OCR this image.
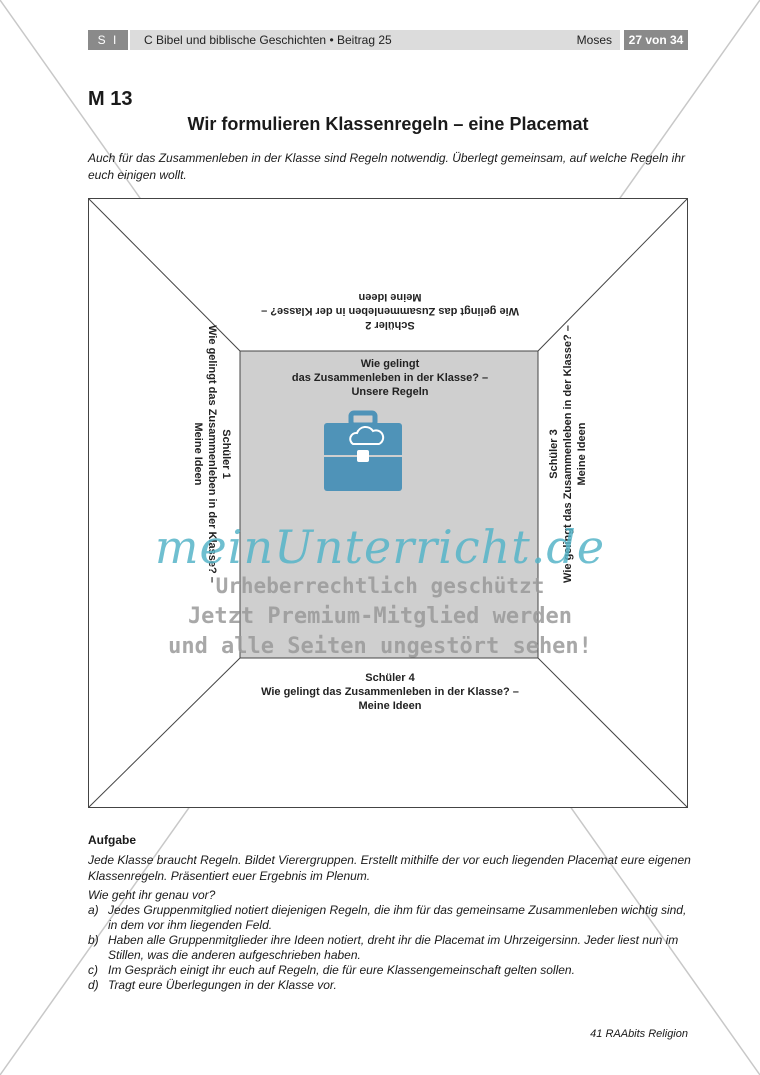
S I	C Bibel und biblische Geschichten • Beitrag 25	Moses	27 von 34
M 13
Wir formulieren Klassenregeln – eine Placemat
Auch für das Zusammenleben in der Klasse sind Regeln notwendig. Überlegt gemeinsam, auf welche Regeln ihr euch einigen wollt.
Wie gelingt
das Zusammenleben in der Klasse? –
Unsere Regeln
Schüler 2
Wie gelingt das Zusammenleben in der Klasse? –
Meine Ideen
Schüler 4
Wie gelingt das Zusammenleben in der Klasse? –
Meine Ideen
Schüler 1
Wie gelingt das Zusammenleben in der Klasse? –
Meine Ideen	Schüler 3 Wie gelingt das Zusammenleben in der Klasse? – Meine Ideen
Aufgabe
Jede Klasse braucht Regeln. Bildet Vierergruppen. Erstellt mithilfe der vor euch liegenden Placemat eure eigenen Klassenregeln. Präsentiert euer Ergebnis im Plenum.
Wie geht ihr genau vor?
a) Jedes Gruppenmitglied notiert diejenigen Regeln, die ihm für das gemeinsame Zusammenleben wichtig sind, in dem vor ihm liegenden Feld.
b) Haben alle Gruppenmitglieder ihre Ideen notiert, dreht ihr die Placemat im Uhrzeigersinn. Jeder liest nun im Stillen, was die anderen aufgeschrieben haben.
c) Im Gespräch einigt ihr euch auf Regeln, die für eure Klassengemeinschaft gelten sollen.
d) Tragt eure Überlegungen in der Klasse vor.
41 RAAbits Religion
meinUnterricht.de
Urheberrechtlich geschützt
Jetzt Premium-Mitglied werden
und alle Seiten ungestört sehen!
